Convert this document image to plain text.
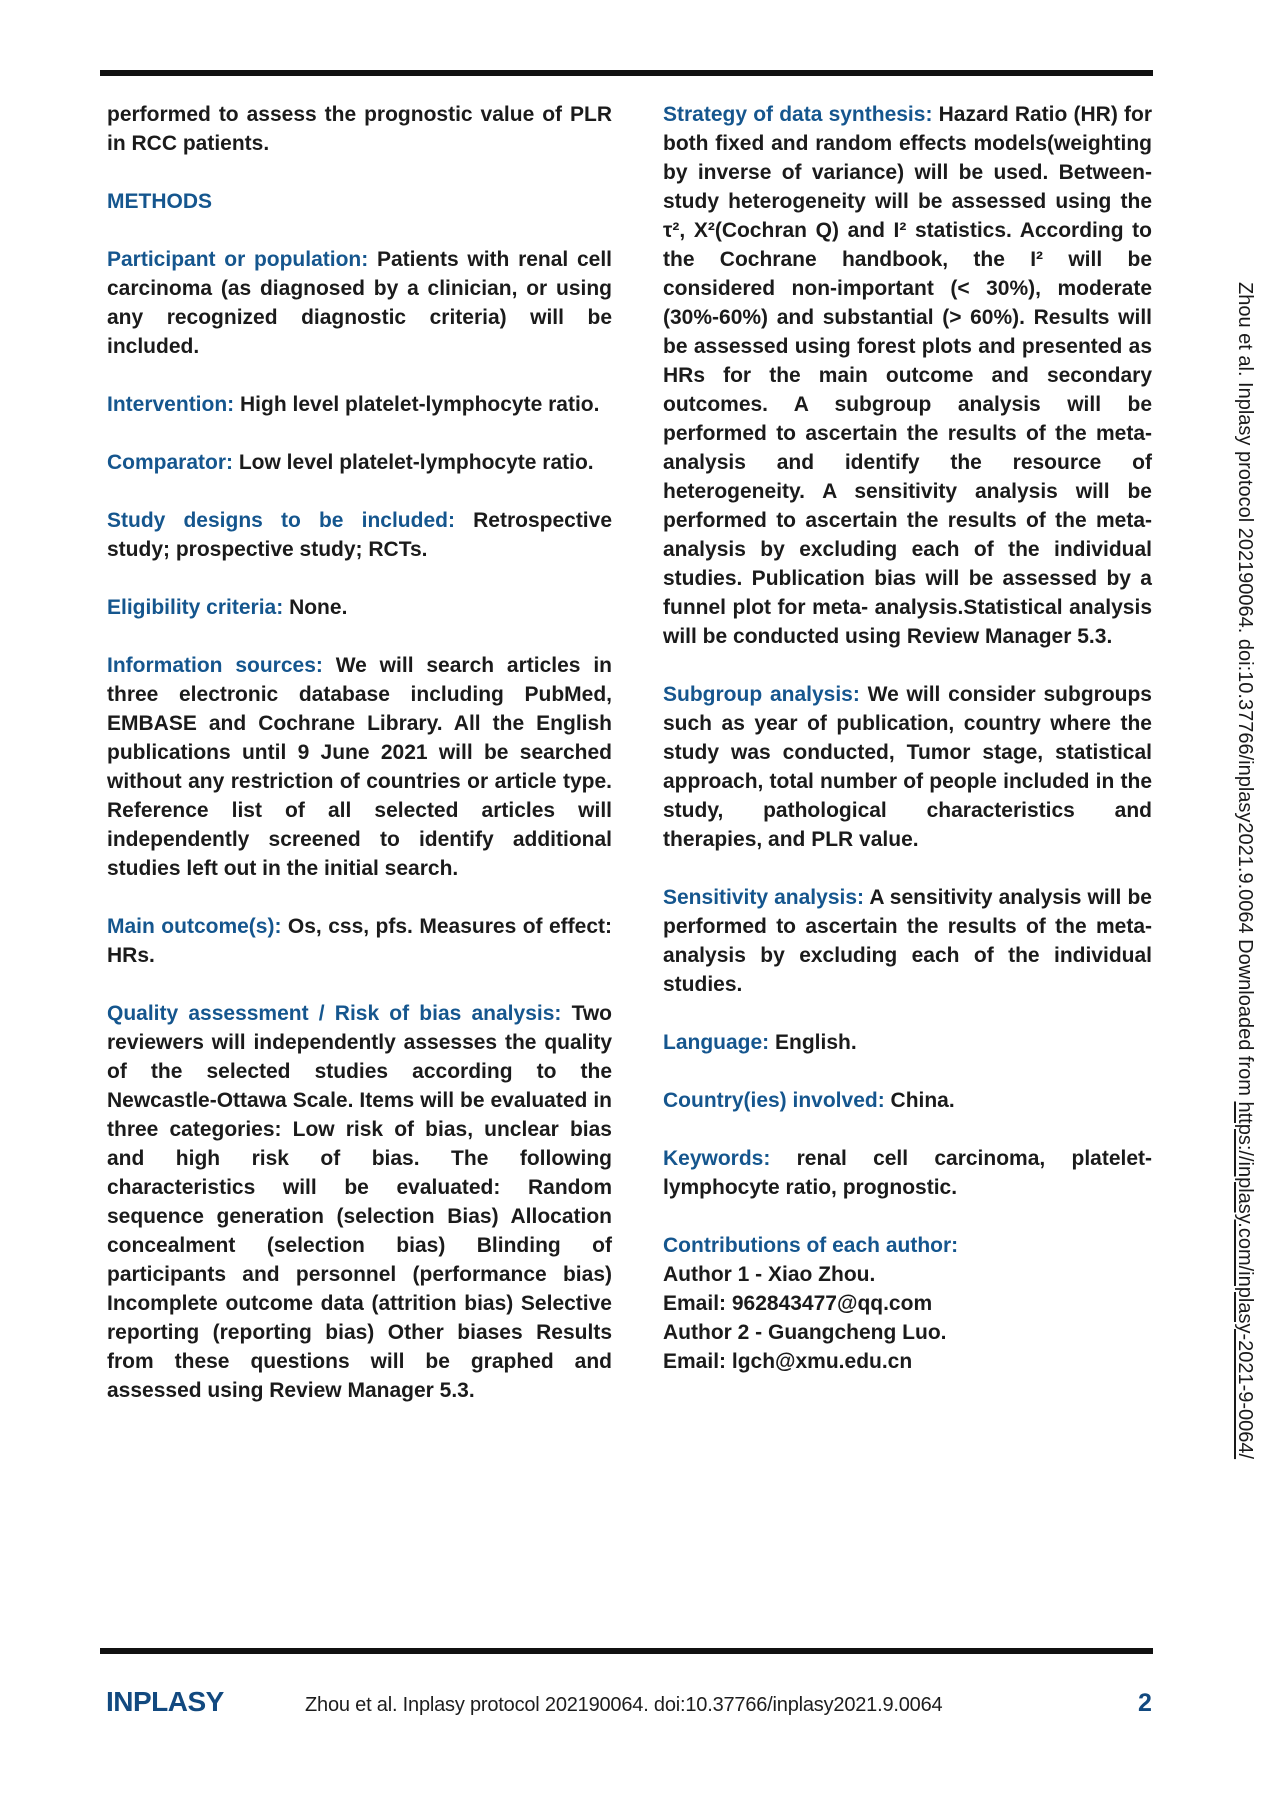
performed to assess the prognostic value of PLR in RCC patients.

METHODS

Participant or population: Patients with renal cell carcinoma (as diagnosed by a clinician, or using any recognized diagnostic criteria) will be included.

Intervention: High level platelet-lymphocyte ratio.

Comparator: Low level platelet-lymphocyte ratio.

Study designs to be included: Retrospective study; prospective study; RCTs.

Eligibility criteria: None.

Information sources: We will search articles in three electronic database including PubMed, EMBASE and Cochrane Library. All the English publications until 9 June 2021 will be searched without any restriction of countries or article type. Reference list of all selected articles will independently screened to identify additional studies left out in the initial search.

Main outcome(s): Os, css, pfs. Measures of effect: HRs.

Quality assessment / Risk of bias analysis: Two reviewers will independently assesses the quality of the selected studies according to the Newcastle-Ottawa Scale. Items will be evaluated in three categories: Low risk of bias, unclear bias and high risk of bias. The following characteristics will be evaluated: Random sequence generation (selection Bias) Allocation concealment (selection bias) Blinding of participants and personnel (performance bias) Incomplete outcome data (attrition bias) Selective reporting (reporting bias) Other biases Results from these questions will be graphed and assessed using Review Manager 5.3.

Strategy of data synthesis: Hazard Ratio (HR) for both fixed and random effects models(weighting by inverse of variance) will be used. Between-study heterogeneity will be assessed using the τ², X²(Cochran Q) and I² statistics. According to the Cochrane handbook, the I² will be considered non-important (< 30%), moderate (30%-60%) and substantial (> 60%). Results will be assessed using forest plots and presented as HRs for the main outcome and secondary outcomes. A subgroup analysis will be performed to ascertain the results of the meta-analysis and identify the resource of heterogeneity. A sensitivity analysis will be performed to ascertain the results of the meta-analysis by excluding each of the individual studies. Publication bias will be assessed by a funnel plot for meta- analysis.Statistical analysis will be conducted using Review Manager 5.3.

Subgroup analysis: We will consider subgroups such as year of publication, country where the study was conducted, Tumor stage, statistical approach, total number of people included in the study, pathological characteristics and therapies, and PLR value.

Sensitivity analysis: A sensitivity analysis will be performed to ascertain the results of the meta-analysis by excluding each of the individual studies.

Language: English.

Country(ies) involved: China.

Keywords: renal cell carcinoma, platelet-lymphocyte ratio, prognostic.

Contributions of each author:
Author 1 - Xiao Zhou.
Email: 962843477@qq.com
Author 2 - Guangcheng Luo.
Email: lgch@xmu.edu.cn

Zhou et al. Inplasy protocol 202190064. doi:10.37766/inplasy2021.9.0064 Downloaded from https://inplasy.com/inplasy-2021-9-0064/
INPLASY	Zhou et al. Inplasy protocol 202190064. doi:10.37766/inplasy2021.9.0064	2
